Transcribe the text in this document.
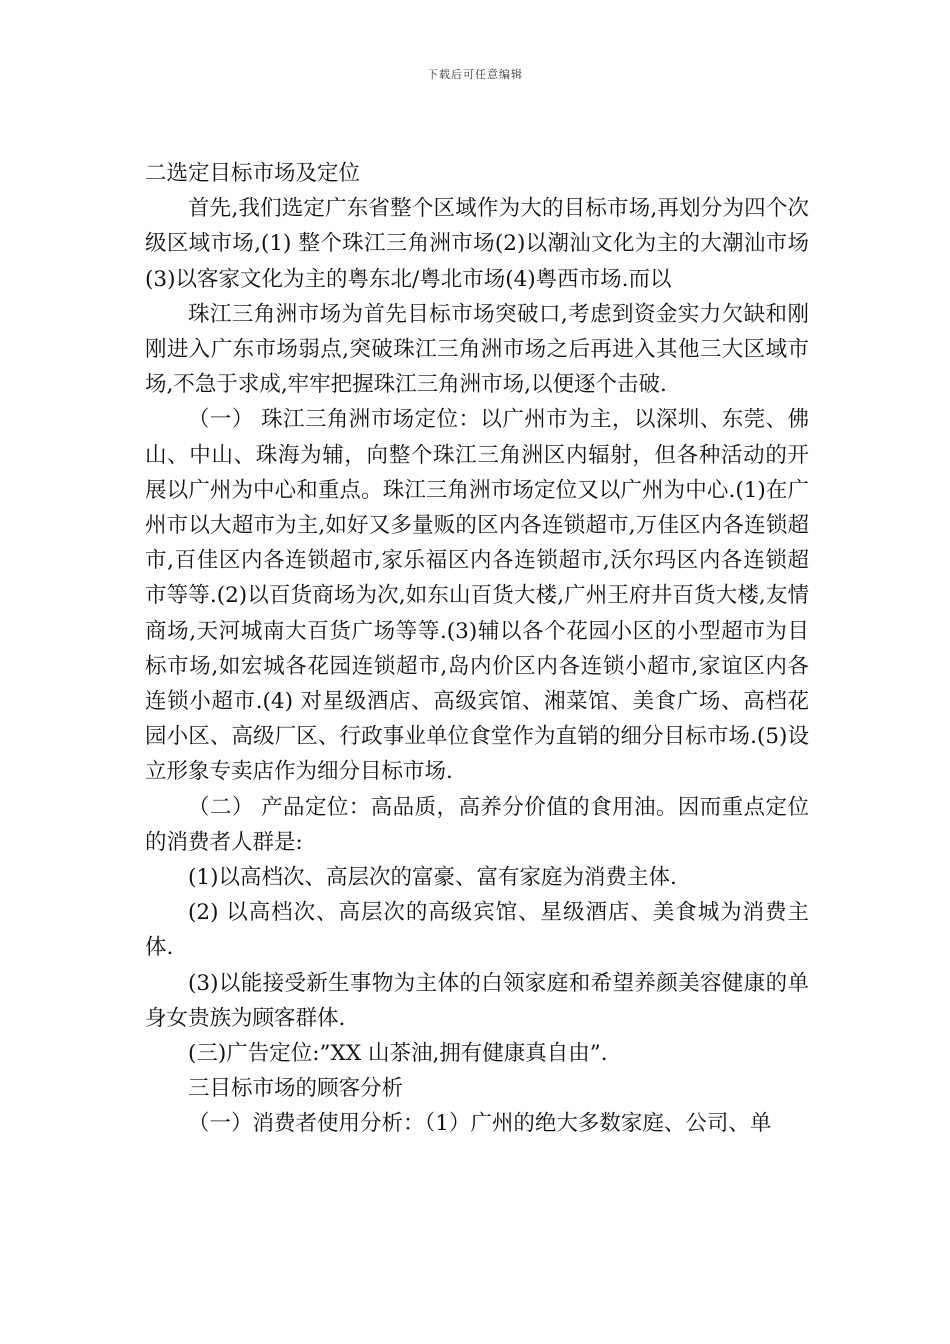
下载后可任意编辑

二选定目标市场及定位

首先,我们选定广东省整个区域作为大的目标市场,再划分为四个次级区域市场,(1) 整个珠江三角洲市场(2)以潮汕文化为主的大潮汕市场(3)以客家文化为主的粤东北/粤北市场(4)粤西市场.而以

珠江三角洲市场为首先目标市场突破口,考虑到资金实力欠缺和刚刚进入广东市场弱点,突破珠江三角洲市场之后再进入其他三大区域市场,不急于求成,牢牢把握珠江三角洲市场,以便逐个击破.

（一） 珠江三角洲市场定位：以广州市为主，以深圳、东莞、佛山、中山、珠海为辅，向整个珠江三角洲区内辐射，但各种活动的开展以广州为中心和重点。珠江三角洲市场定位又以广州为中心.(1)在广州市以大超市为主,如好又多量贩的区内各连锁超市,万佳区内各连锁超市,百佳区内各连锁超市,家乐福区内各连锁超市,沃尔玛区内各连锁超市等等.(2)以百货商场为次,如东山百货大楼,广州王府井百货大楼,友情商场,天河城南大百货广场等等.(3)辅以各个花园小区的小型超市为目标市场,如宏城各花园连锁超市,岛内价区内各连锁小超市,家谊区内各连锁小超市.(4) 对星级酒店、高级宾馆、湘菜馆、美食广场、高档花园小区、高级厂区、行政事业单位食堂作为直销的细分目标市场.(5)设立形象专卖店作为细分目标市场.

（二） 产品定位：高品质，高养分价值的食用油。因而重点定位的消费者人群是:

(1)以高档次、高层次的富豪、富有家庭为消费主体.

(2) 以高档次、高层次的高级宾馆、星级酒店、美食城为消费主体.

(3)以能接受新生事物为主体的白领家庭和希望养颜美容健康的单身女贵族为顾客群体.

(三)广告定位:”XX 山茶油,拥有健康真自由”.

三目标市场的顾客分析

（一）消费者使用分析：（1）广州的绝大多数家庭、公司、单
